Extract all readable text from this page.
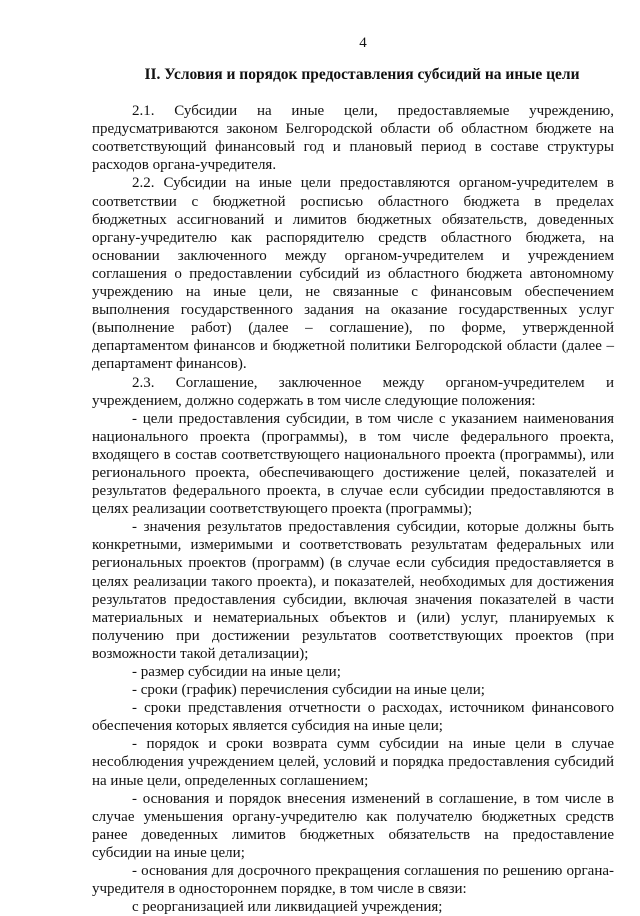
4
II. Условия и порядок предоставления субсидий на иные цели

2.1. Субсидии на иные цели, предоставляемые учреждению, предусматриваются законом Белгородской области об областном бюджете на соответствующий финансовый год и плановый период в составе структуры расходов органа-учредителя.

2.2. Субсидии на иные цели предоставляются органом-учредителем в соответствии с бюджетной росписью областного бюджета в пределах бюджетных ассигнований и лимитов бюджетных обязательств, доведенных органу-учредителю как распорядителю средств областного бюджета, на основании заключенного между органом-учредителем и учреждением соглашения о предоставлении субсидий из областного бюджета автономному учреждению на иные цели, не связанные с финансовым обеспечением выполнения государственного задания на оказание государственных услуг (выполнение работ) (далее – соглашение), по форме, утвержденной департаментом финансов и бюджетной политики Белгородской области (далее – департамент финансов).

2.3. Соглашение, заключенное между органом-учредителем и учреждением, должно содержать в том числе следующие положения:

- цели предоставления субсидии, в том числе с указанием наименования национального проекта (программы), в том числе федерального проекта, входящего в состав соответствующего национального проекта (программы), или регионального проекта, обеспечивающего достижение целей, показателей и результатов федерального проекта, в случае если субсидии предоставляются в целях реализации соответствующего проекта (программы);

- значения результатов предоставления субсидии, которые должны быть конкретными, измеримыми и соответствовать результатам федеральных или региональных проектов (программ) (в случае если субсидия предоставляется в целях реализации такого проекта), и показателей, необходимых для достижения результатов предоставления субсидии, включая значения показателей в части материальных и нематериальных объектов и (или) услуг, планируемых к получению при достижении результатов соответствующих проектов (при возможности такой детализации);

- размер субсидии на иные цели;

- сроки (график) перечисления субсидии на иные цели;

- сроки представления отчетности о расходах, источником финансового обеспечения которых является субсидия на иные цели;

- порядок и сроки возврата сумм субсидии на иные цели в случае несоблюдения учреждением целей, условий и порядка предоставления субсидий на иные цели, определенных соглашением;

- основания и порядок внесения изменений в соглашение, в том числе в случае уменьшения органу-учредителю как получателю бюджетных средств ранее доведенных лимитов бюджетных обязательств на предоставление субсидии на иные цели;

- основания для досрочного прекращения соглашения по решению органа-учредителя в одностороннем порядке, в том числе в связи:

с реорганизацией или ликвидацией учреждения;
